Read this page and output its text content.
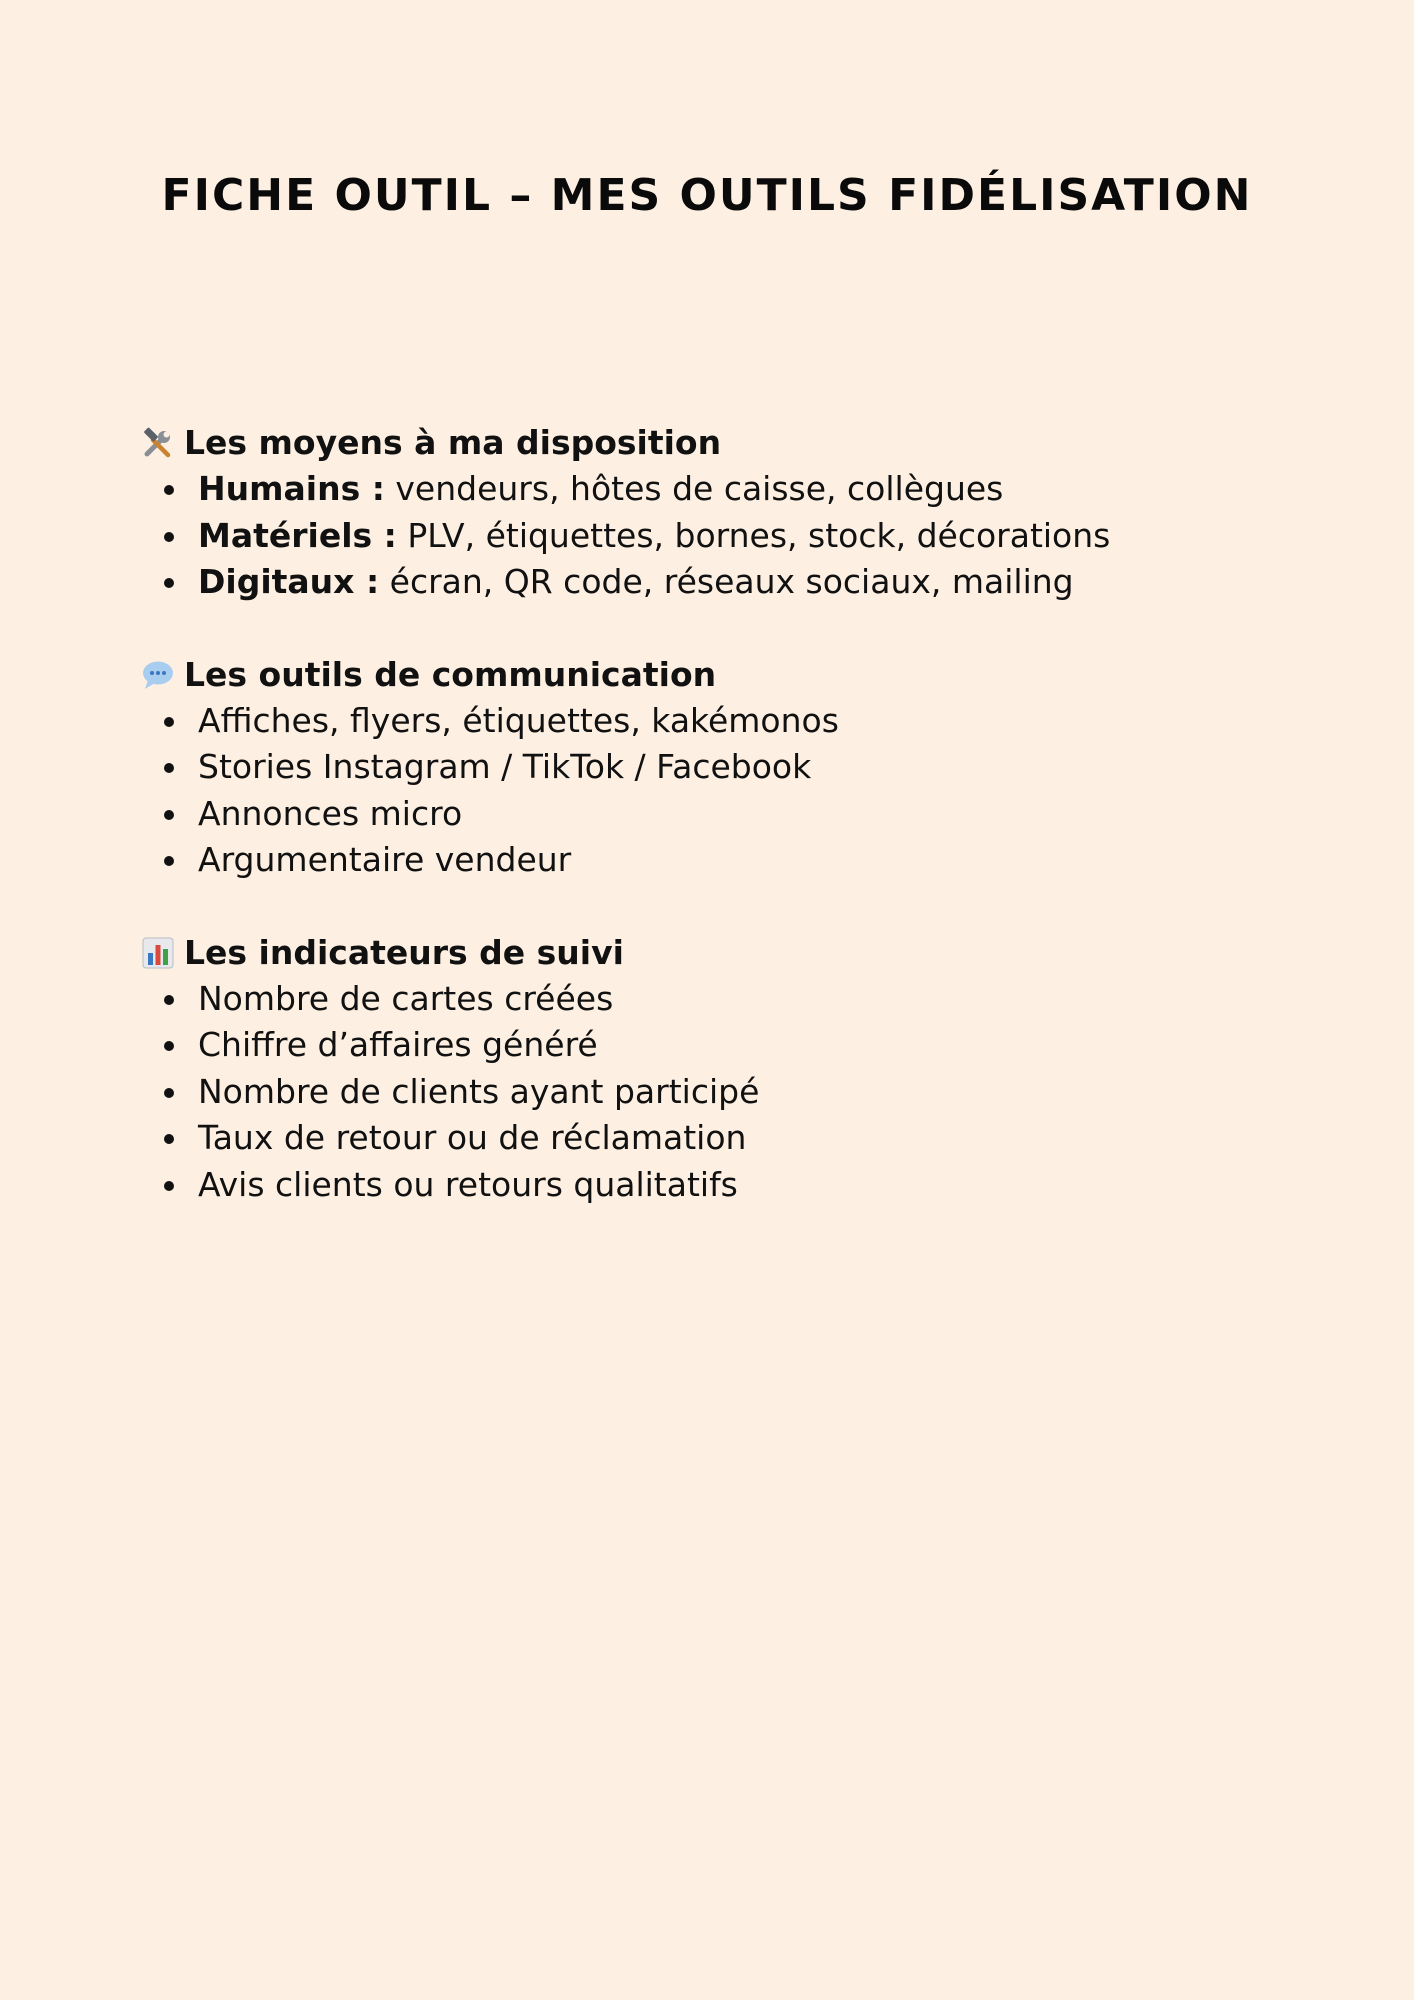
FICHE OUTIL – MES OUTILS FIDÉLISATION
Les moyens à ma disposition
Humains : vendeurs, hôtes de caisse, collègues
Matériels : PLV, étiquettes, bornes, stock, décorations
Digitaux : écran, QR code, réseaux sociaux, mailing
Les outils de communication
Affiches, flyers, étiquettes, kakémonos
Stories Instagram / TikTok / Facebook
Annonces micro
Argumentaire vendeur
Les indicateurs de suivi
Nombre de cartes créées
Chiffre d’affaires généré
Nombre de clients ayant participé
Taux de retour ou de réclamation
Avis clients ou retours qualitatifs
